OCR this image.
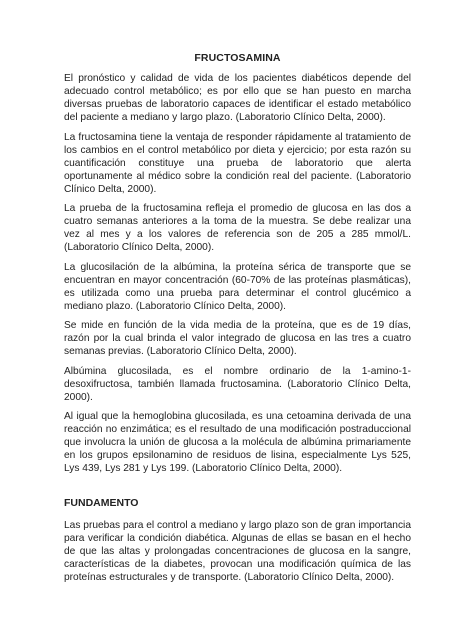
FRUCTOSAMINA

El pronóstico y calidad de vida de los pacientes diabéticos depende del adecuado control metabólico; es por ello que se han puesto en marcha diversas pruebas de laboratorio capaces de identificar el estado metabólico del paciente a mediano y largo plazo. (Laboratorio Clínico Delta, 2000).

La fructosamina tiene la ventaja de responder rápidamente al tratamiento de los cambios en el control metabólico por dieta y ejercicio; por esta razón su cuantificación constituye una prueba de laboratorio que alerta oportunamente al médico sobre la condición real del paciente. (Laboratorio Clínico Delta, 2000).

La prueba de la fructosamina refleja el promedio de glucosa en las dos a cuatro semanas anteriores a la toma de la muestra. Se debe realizar una vez al mes y a los valores de referencia son de 205 a 285 mmol/L. (Laboratorio Clínico Delta, 2000).

La glucosilación de la albúmina, la proteína sérica de transporte que se encuentran en mayor concentración (60-70% de las proteínas plasmáticas), es utilizada como una prueba para determinar el control glucémico a mediano plazo. (Laboratorio Clínico Delta, 2000).

Se mide en función de la vida media de la proteína, que es de 19 días, razón por la cual brinda el valor integrado de glucosa en las tres a cuatro semanas previas. (Laboratorio Clínico Delta, 2000).

Albúmina glucosilada, es el nombre ordinario de la 1-amino-1-desoxifructosa, también llamada fructosamina. (Laboratorio Clínico Delta, 2000).

Al igual que la hemoglobina glucosilada, es una cetoamina derivada de una reacción no enzimática; es el resultado de una modificación postraduccional que involucra la unión de glucosa a la molécula de albúmina primariamente en los grupos epsilonamino de residuos de lisina, especialmente Lys 525, Lys 439, Lys 281 y Lys 199. (Laboratorio Clínico Delta, 2000).

FUNDAMENTO

Las pruebas para el control a mediano y largo plazo son de gran importancia para verificar la condición diabética. Algunas de ellas se basan en el hecho de que las altas y prolongadas concentraciones de glucosa en la sangre, características de la diabetes, provocan una modificación química de las proteínas estructurales y de transporte. (Laboratorio Clínico Delta, 2000).
